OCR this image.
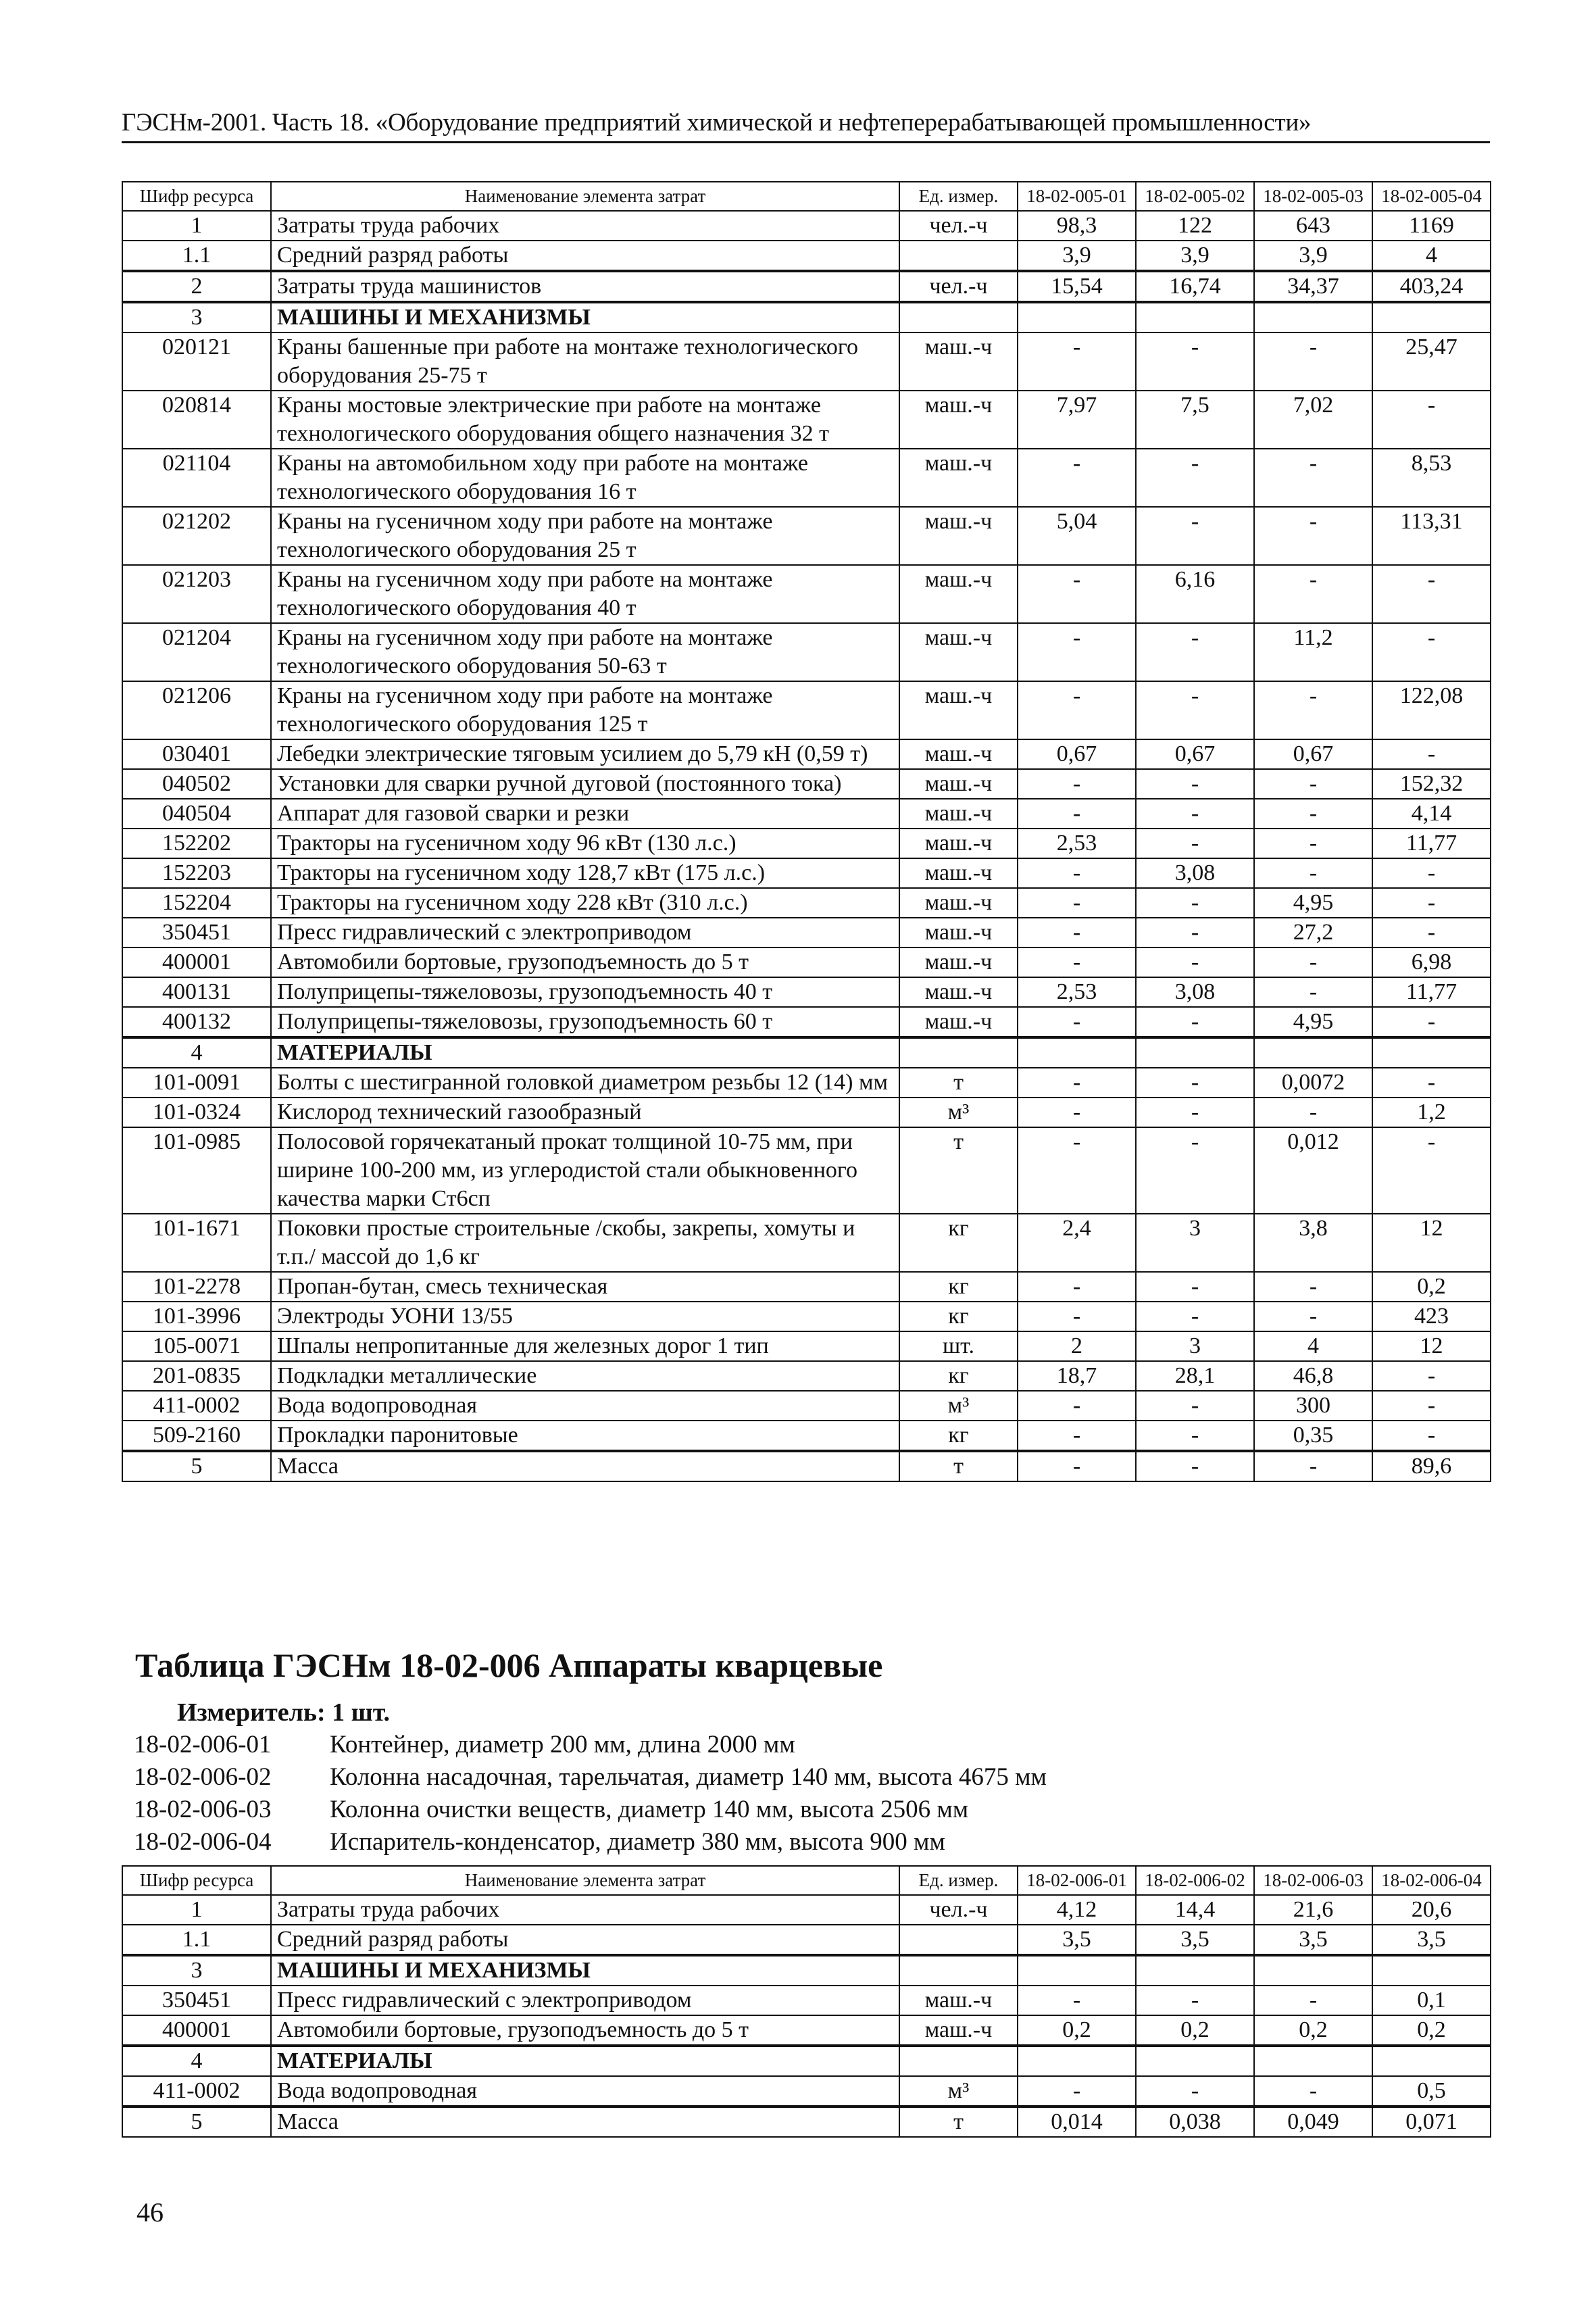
ГЭСНм-2001. Часть 18. «Оборудование предприятий химической и нефтеперерабатывающей промышленности»
Шифр ресурса	Наименование элемента затрат	Ед. измер.	18-02-005-01	18-02-005-02	18-02-005-03	18-02-005-04
1	Затраты труда рабочих	чел.-ч	98,3	122	643	1169
1.1	Средний разряд работы		3,9	3,9	3,9	4
2	Затраты труда машинистов	чел.-ч	15,54	16,74	34,37	403,24
3	МАШИНЫ И МЕХАНИЗМЫ					
020121	Краны башенные при работе на монтаже технологического оборудования 25-75 т	маш.-ч	-	-	-	25,47
020814	Краны мостовые электрические при работе на монтаже технологического оборудования общего назначения 32 т	маш.-ч	7,97	7,5	7,02	-
021104	Краны на автомобильном ходу при работе на монтаже технологического оборудования 16 т	маш.-ч	-	-	-	8,53
021202	Краны на гусеничном ходу при работе на монтаже технологического оборудования 25 т	маш.-ч	5,04	-	-	113,31
021203	Краны на гусеничном ходу при работе на монтаже технологического оборудования 40 т	маш.-ч	-	6,16	-	-
021204	Краны на гусеничном ходу при работе на монтаже технологического оборудования 50-63 т	маш.-ч	-	-	11,2	-
021206	Краны на гусеничном ходу при работе на монтаже технологического оборудования 125 т	маш.-ч	-	-	-	122,08
030401	Лебедки электрические тяговым усилием до 5,79 кН (0,59 т)	маш.-ч	0,67	0,67	0,67	-
040502	Установки для сварки ручной дуговой (постоянного тока)	маш.-ч	-	-	-	152,32
040504	Аппарат для газовой сварки и резки	маш.-ч	-	-	-	4,14
152202	Тракторы на гусеничном ходу 96 кВт (130 л.с.)	маш.-ч	2,53	-	-	11,77
152203	Тракторы на гусеничном ходу 128,7 кВт (175 л.с.)	маш.-ч	-	3,08	-	-
152204	Тракторы на гусеничном ходу 228 кВт (310 л.с.)	маш.-ч	-	-	4,95	-
350451	Пресс гидравлический с электроприводом	маш.-ч	-	-	27,2	-
400001	Автомобили бортовые, грузоподъемность до 5 т	маш.-ч	-	-	-	6,98
400131	Полуприцепы-тяжеловозы, грузоподъемность 40 т	маш.-ч	2,53	3,08	-	11,77
400132	Полуприцепы-тяжеловозы, грузоподъемность 60 т	маш.-ч	-	-	4,95	-
4	МАТЕРИАЛЫ					
101-0091	Болты с шестигранной головкой диаметром резьбы 12 (14) мм	т	-	-	0,0072	-
101-0324	Кислород технический газообразный	м³	-	-	-	1,2
101-0985	Полосовой горячекатаный прокат толщиной 10-75 мм, при ширине 100-200 мм, из углеродистой стали обыкновенного качества марки Ст6сп	т	-	-	0,012	-
101-1671	Поковки простые строительные /скобы, закрепы, хомуты и т.п./ массой до 1,6 кг	кг	2,4	3	3,8	12
101-2278	Пропан-бутан, смесь техническая	кг	-	-	-	0,2
101-3996	Электроды УОНИ 13/55	кг	-	-	-	423
105-0071	Шпалы непропитанные для железных дорог 1 тип	шт.	2	3	4	12
201-0835	Подкладки металлические	кг	18,7	28,1	46,8	-
411-0002	Вода водопроводная	м³	-	-	300	-
509-2160	Прокладки паронитовые	кг	-	-	0,35	-
5	Масса	т	-	-	-	89,6
Таблица ГЭСНм 18-02-006 Аппараты кварцевые
Измеритель: 1 шт.
18-02-006-01 Контейнер, диаметр 200 мм, длина 2000 мм
18-02-006-02 Колонна насадочная, тарельчатая, диаметр 140 мм, высота 4675 мм
18-02-006-03 Колонна очистки веществ, диаметр 140 мм, высота 2506 мм
18-02-006-04 Испаритель-конденсатор, диаметр 380 мм, высота 900 мм
Шифр ресурса	Наименование элемента затрат	Ед. измер.	18-02-006-01	18-02-006-02	18-02-006-03	18-02-006-04
1	Затраты труда рабочих	чел.-ч	4,12	14,4	21,6	20,6
1.1	Средний разряд работы		3,5	3,5	3,5	3,5
3	МАШИНЫ И МЕХАНИЗМЫ					
350451	Пресс гидравлический с электроприводом	маш.-ч	-	-	-	0,1
400001	Автомобили бортовые, грузоподъемность до 5 т	маш.-ч	0,2	0,2	0,2	0,2
4	МАТЕРИАЛЫ					
411-0002	Вода водопроводная	м³	-	-	-	0,5
5	Масса	т	0,014	0,038	0,049	0,071
46
